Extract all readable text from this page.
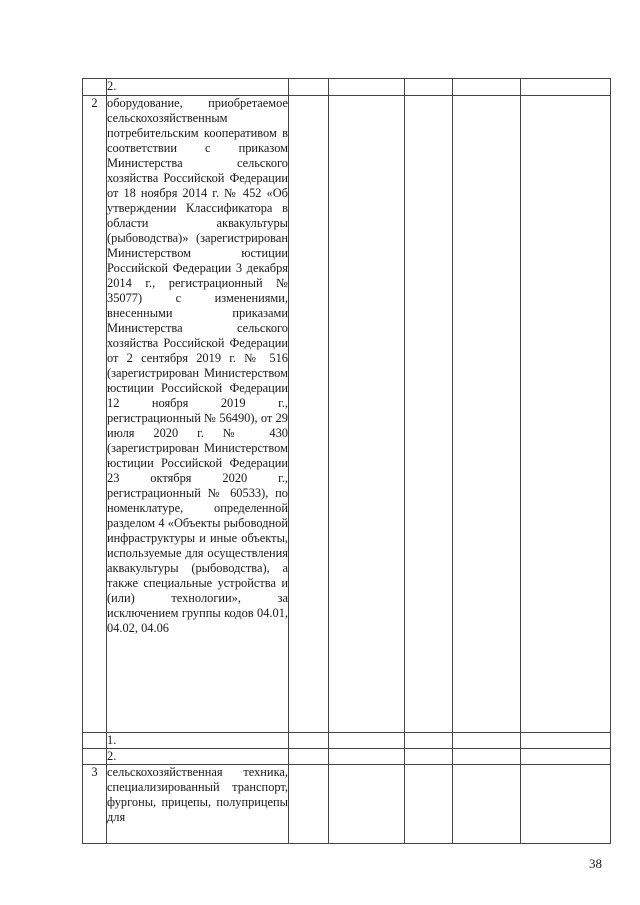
	2.					
2	оборудование, приобретаемое сельскохозяйственным потребительским кооперативом в соответствии с приказом Министерства сельского хозяйства Российской Федерации от 18 ноября 2014 г. № 452 «Об утверждении Классификатора в области аквакультуры (рыбоводства)» (зарегистрирован Министерством юстиции Российской Федерации 3 декабря 2014 г., регистрационный № 35077) с изменениями, внесенными приказами Министерства сельского хозяйства Российской Федерации от 2 сентября 2019 г. № 516 (зарегистрирован Министерством юстиции Российской Федерации 12 ноября 2019 г., регистрационный № 56490), от 29 июля 2020 г. № 430 (зарегистрирован Министерством юстиции Российской Федерации 23 октября 2020 г., регистрационный № 60533), по номенклатуре, определенной разделом 4 «Объекты рыбоводной инфраструктуры и иные объекты, используемые для осуществления аквакультуры (рыбоводства), а также специальные устройства и (или) технологии», за исключением группы кодов 04.01, 04.02, 04.06					
	1.					
	2.					
3	сельскохозяйственная техника, специализированный транспорт, фургоны, прицепы, полуприцепы для					
38
